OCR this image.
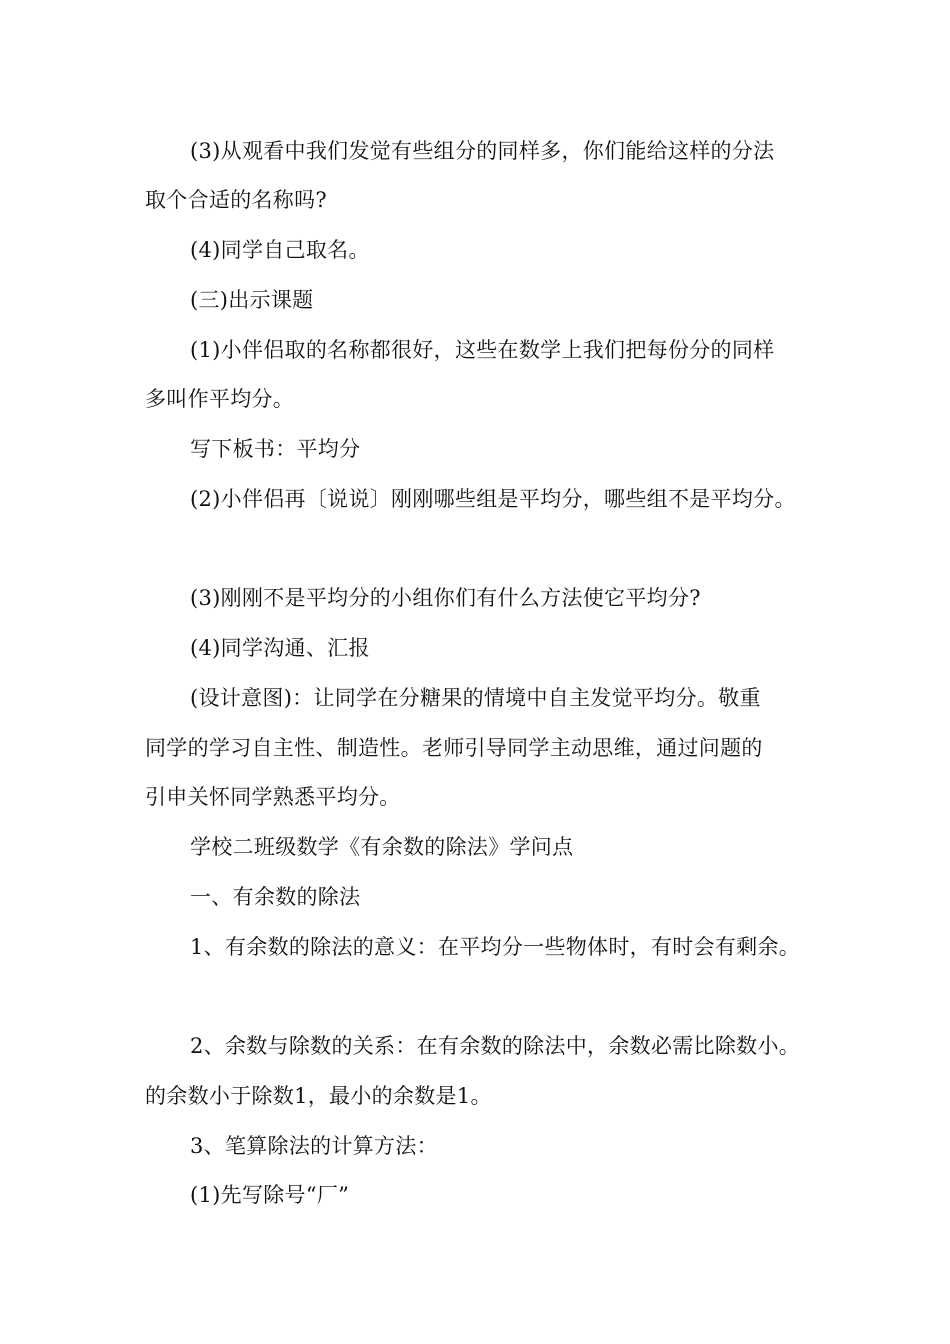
(3)从观看中我们发觉有些组分的同样多，你们能给这样的分法
取个合适的名称吗?
(4)同学自己取名。
(三)出示课题
(1)小伴侣取的名称都很好，这些在数学上我们把每份分的同样
多叫作平均分。
写下板书：平均分
(2)小伴侣再〔说说〕刚刚哪些组是平均分，哪些组不是平均分。
(3)刚刚不是平均分的小组你们有什么方法使它平均分?
(4)同学沟通、汇报
(设计意图)：让同学在分糖果的情境中自主发觉平均分。敬重
同学的学习自主性、制造性。老师引导同学主动思维，通过问题的
引申关怀同学熟悉平均分。
学校二班级数学《有余数的除法》学问点
一、有余数的除法
1、有余数的除法的意义：在平均分一些物体时，有时会有剩余。
2、余数与除数的关系：在有余数的除法中，余数必需比除数小。
的余数小于除数1，最小的余数是1。
3、笔算除法的计算方法：
(1)先写除号“厂”
